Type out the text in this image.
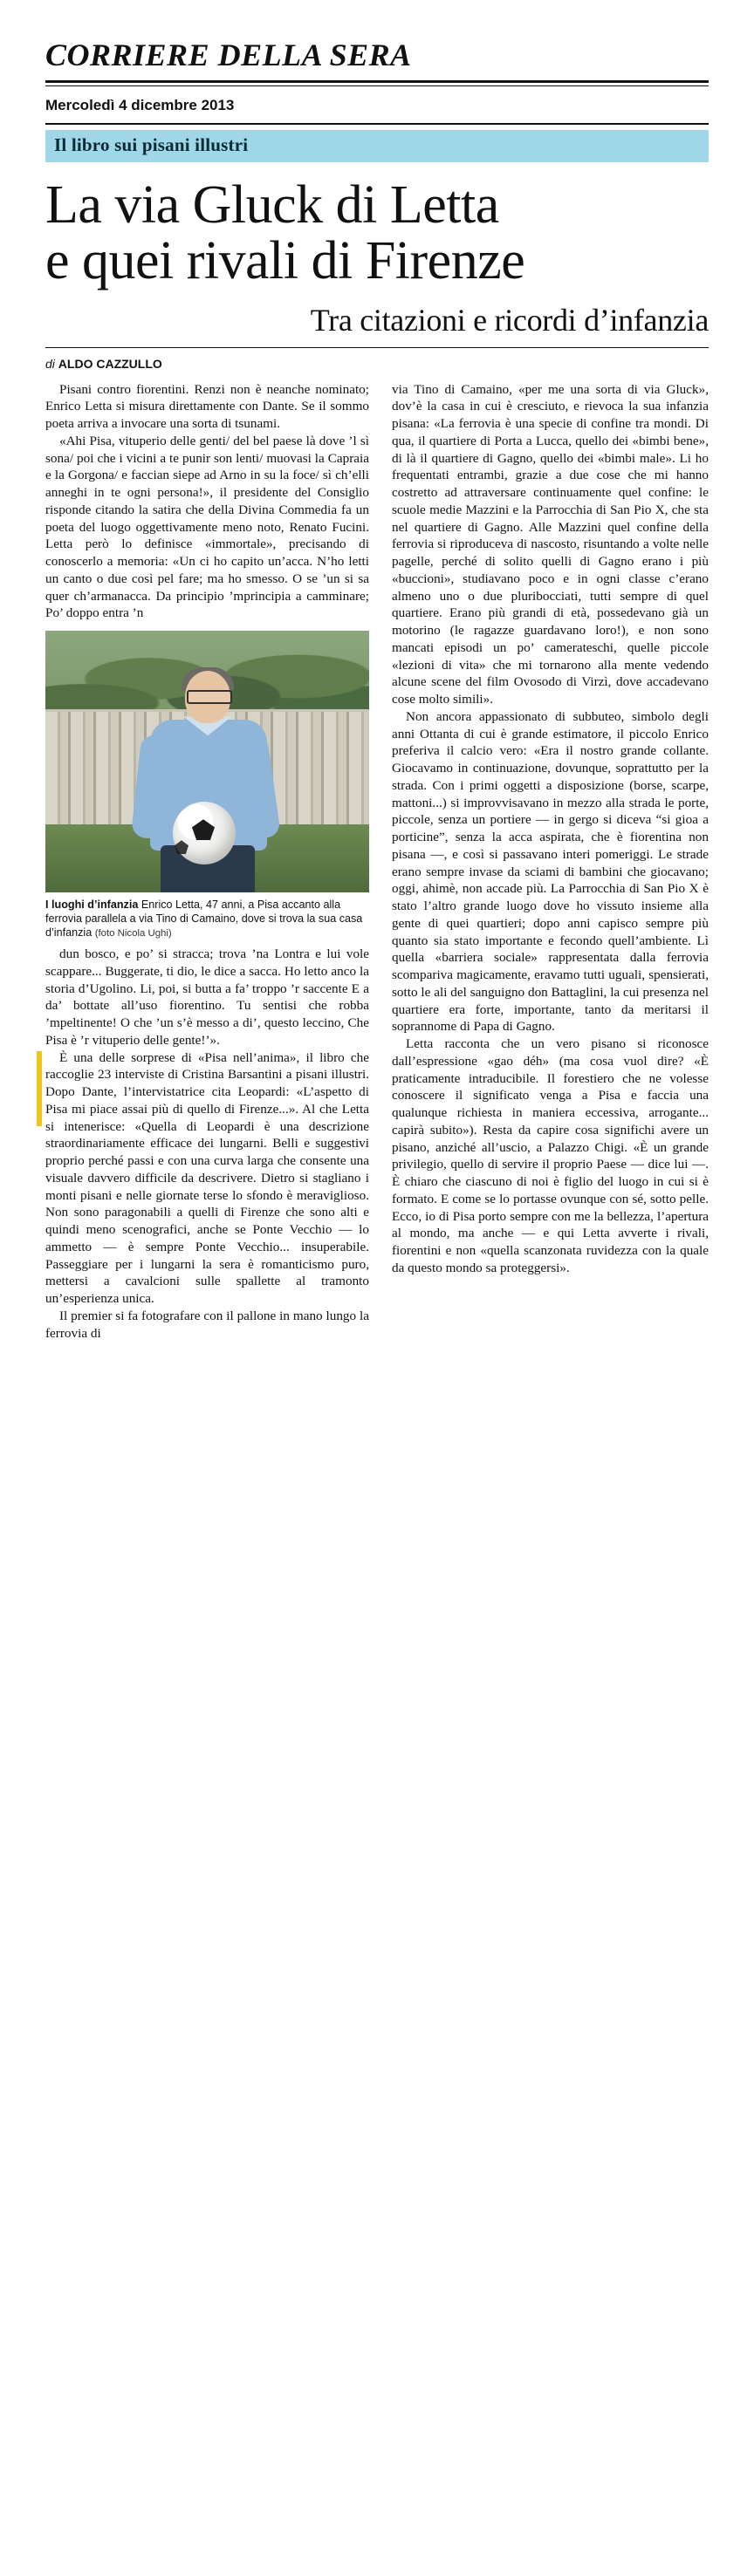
CORRIERE DELLA SERA
Mercoledì 4 dicembre 2013
Il libro sui pisani illustri
La via Gluck di Letta
e quei rivali di Firenze
Tra citazioni e ricordi d’infanzia
di ALDO CAZZULLO

Pisani contro fiorentini. Renzi non è neanche nominato; Enrico Letta si misura direttamente con Dante. Se il sommo poeta arriva a invocare una sorta di tsunami.

«Ahi Pisa, vituperio delle genti/ del bel paese là dove ’l sì sona/ poi che i vicini a te punir son lenti/ muovasi la Capraia e la Gorgona/ e faccian siepe ad Arno in su la foce/ sì ch’elli anneghi in te ogni persona!», il presidente del Consiglio risponde citando la satira che della Divina Commedia fa un poeta del luogo oggettivamente meno noto, Renato Fucini. Letta però lo definisce «immortale», precisando di conoscerlo a memoria: «Un ci ho capito un’acca. N’ho letti un canto o due così pel fare; ma ho smesso. O se ’un si sa quer ch’armanacca. Da principio ’mprincipia a camminare; Po’ doppo entra ’n

I luoghi d’infanzia Enrico Letta, 47 anni, a Pisa accanto alla ferrovia parallela a via Tino di Camaino, dove si trova la sua casa d’infanzia (foto Nicola Ughi)

dun bosco, e po’ si stracca; trova ’na Lontra e lui vole scappare... Buggerate, ti dio, le dice a sacca. Ho letto anco la storia d’Ugolino. Li, poi, si butta a fa’ troppo ’r saccente E a da’ bottate all’uso fiorentino. Tu sentisi che robba ’mpeltinente! O che ’un s’è messo a di’, questo leccino, Che Pisa è ’r vituperio delle gente!’».

È una delle sorprese di «Pisa nell’anima», il libro che raccoglie 23 interviste di Cristina Barsantini a pisani illustri. Dopo Dante, l’intervistatrice cita Leopardi: «L’aspetto di Pisa mi piace assai più di quello di Firenze...». Al che Letta si intenerisce: «Quella di Leopardi è una descrizione straordinariamente efficace dei lungarni. Belli e suggestivi proprio perché passi e con una curva larga che consente una visuale davvero difficile da descrivere. Dietro si stagliano i monti pisani e nelle giornate terse lo sfondo è meraviglioso. Non sono paragonabili a quelli di Firenze che sono alti e quindi meno scenografici, anche se Ponte Vecchio — lo ammetto — è sempre Ponte Vecchio... insuperabile. Passeggiare per i lungarni la sera è romanticismo puro, mettersi a cavalcioni sulle spallette al tramonto un’esperienza unica.

Il premier si fa fotografare con il pallone in mano lungo la ferrovia di

via Tino di Camaino, «per me una sorta di via Gluck», dov’è la casa in cui è cresciuto, e rievoca la sua infanzia pisana: «La ferrovia è una specie di confine tra mondi. Di qua, il quartiere di Porta a Lucca, quello dei «bimbi bene», di là il quartiere di Gagno, quello dei «bimbi male». Li ho frequentati entrambi, grazie a due cose che mi hanno costretto ad attraversare continuamente quel confine: le scuole medie Mazzini e la Parrocchia di San Pio X, che sta nel quartiere di Gagno. Alle Mazzini quel confine della ferrovia si riproduceva di nascosto, risuntando a volte nelle pagelle, perché di solito quelli di Gagno erano i più «buccioni», studiavano poco e in ogni classe c’erano almeno uno o due pluribocciati, tutti sempre di quel quartiere. Erano più grandi di età, possedevano già un motorino (le ragazze guardavano loro!), e non sono mancati episodi un po’ camerateschi, quelle piccole «lezioni di vita» che mi tornarono alla mente vedendo alcune scene del film Ovosodo di Virzì, dove accadevano cose molto simili».

Non ancora appassionato di subbuteo, simbolo degli anni Ottanta di cui è grande estimatore, il piccolo Enrico preferiva il calcio vero: «Era il nostro grande collante. Giocavamo in continuazione, dovunque, soprattutto per la strada. Con i primi oggetti a disposizione (borse, scarpe, mattoni...) si improvvisavano in mezzo alla strada le porte, piccole, senza un portiere — in gergo si diceva “si gioa a porticine”, senza la acca aspirata, che è fiorentina non pisana —, e così si passavano interi pomeriggi. Le strade erano sempre invase da sciami di bambini che giocavano; oggi, ahimè, non accade più. La Parrocchia di San Pio X è stato l’altro grande luogo dove ho vissuto insieme alla gente di quei quartieri; dopo anni capisco sempre più quanto sia stato importante e fecondo quell’ambiente. Lì quella «barriera sociale» rappresentata dalla ferrovia scompariva magicamente, eravamo tutti uguali, spensierati, sotto le ali del sanguigno don Battaglini, la cui presenza nel quartiere era forte, importante, tanto da meritarsi il soprannome di Papa di Gagno.

Letta racconta che un vero pisano si riconosce dall’espressione «gao déh» (ma cosa vuol dire? «È praticamente intraducibile. Il forestiero che ne volesse conoscere il significato venga a Pisa e faccia una qualunque richiesta in maniera eccessiva, arrogante... capirà subito»). Resta da capire cosa significhi avere un pisano, anziché all’uscio, a Palazzo Chigi. «È un grande privilegio, quello di servire il proprio Paese — dice lui —. È chiaro che ciascuno di noi è figlio del luogo in cui si è formato. E come se lo portasse ovunque con sé, sotto pelle. Ecco, io di Pisa porto sempre con me la bellezza, l’apertura al mondo, ma anche — e qui Letta avverte i rivali, fiorentini e non «quella scanzonata ruvidezza con la quale da questo mondo sa proteggersi».
